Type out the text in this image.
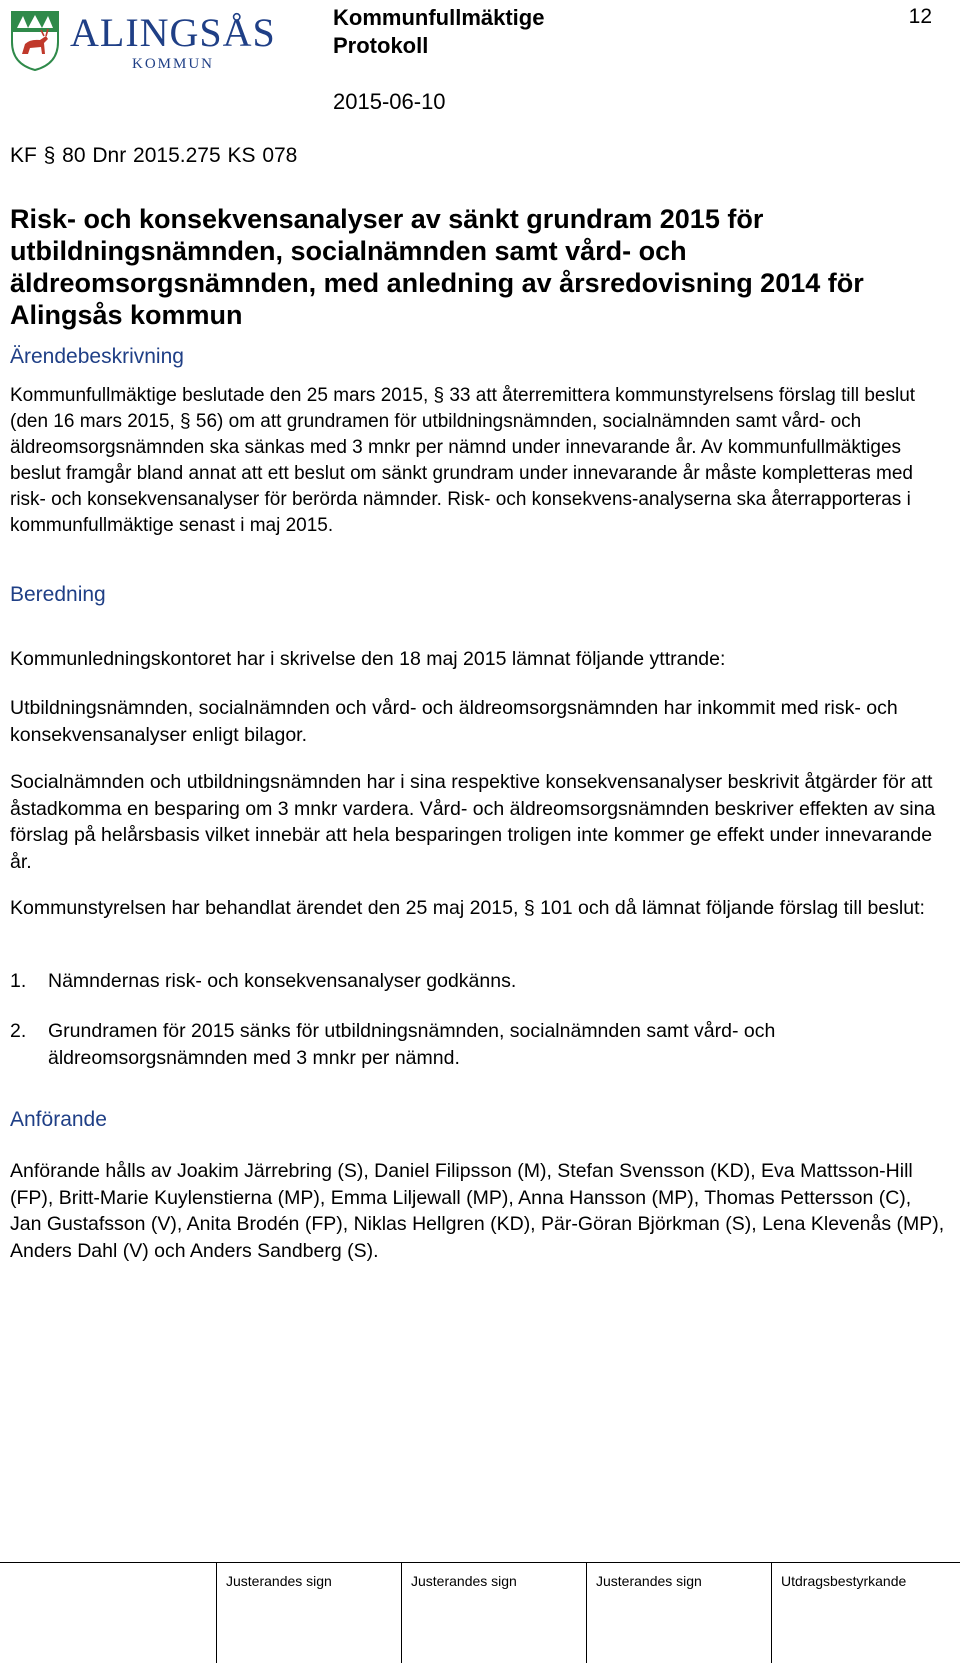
ALINGSÅS
KOMMUN
Kommunfullmäktige
Protokoll
2015-06-10
12
KF § 80 Dnr 2015.275 KS 078
Risk- och konsekvensanalyser av sänkt grundram 2015 för
utbildningsnämnden, socialnämnden samt vård- och
äldreomsorgsnämnden, med anledning av årsredovisning 2014 för
Alingsås kommun
Ärendebeskrivning
Kommunfullmäktige beslutade den 25 mars 2015, § 33 att återremittera kommunstyrelsens förslag till beslut (den 16 mars 2015, § 56) om att grundramen för utbildningsnämnden, socialnämnden samt vård- och äldreomsorgsnämnden ska sänkas med 3 mnkr per nämnd under innevarande år. Av kommunfullmäktiges beslut framgår bland annat att ett beslut om sänkt grundram under innevarande år måste kompletteras med risk- och konsekvensanalyser för berörda nämnder. Risk- och konsekvens-analyserna ska återrapporteras i kommunfullmäktige senast i maj 2015.
Beredning
Kommunledningskontoret har i skrivelse den 18 maj 2015 lämnat följande yttrande:
Utbildningsnämnden, socialnämnden och vård- och äldreomsorgsnämnden har inkommit med risk- och konsekvensanalyser enligt bilagor.
Socialnämnden och utbildningsnämnden har i sina respektive konsekvensanalyser beskrivit åtgärder för att åstadkomma en besparing om 3 mnkr vardera. Vård- och äldreomsorgsnämnden beskriver effekten av sina förslag på helårsbasis vilket innebär att hela besparingen troligen inte kommer ge effekt under innevarande år.
Kommunstyrelsen har behandlat ärendet den 25 maj 2015, § 101 och då lämnat följande förslag till beslut:
1. Nämndernas risk- och konsekvensanalyser godkänns.
2. Grundramen för 2015 sänks för utbildningsnämnden, socialnämnden samt vård- och äldreomsorgsnämnden med 3 mnkr per nämnd.
Anförande
Anförande hålls av Joakim Järrebring (S), Daniel Filipsson (M), Stefan Svensson (KD), Eva Mattsson-Hill (FP), Britt-Marie Kuylenstierna (MP), Emma Liljewall (MP), Anna Hansson (MP), Thomas Pettersson (C), Jan Gustafsson (V), Anita Brodén (FP), Niklas Hellgren (KD), Pär-Göran Björkman (S), Lena Klevenås (MP), Anders Dahl (V) och Anders Sandberg (S).
Justerandes sign	Justerandes sign	Justerandes sign	Utdragsbestyrkande
